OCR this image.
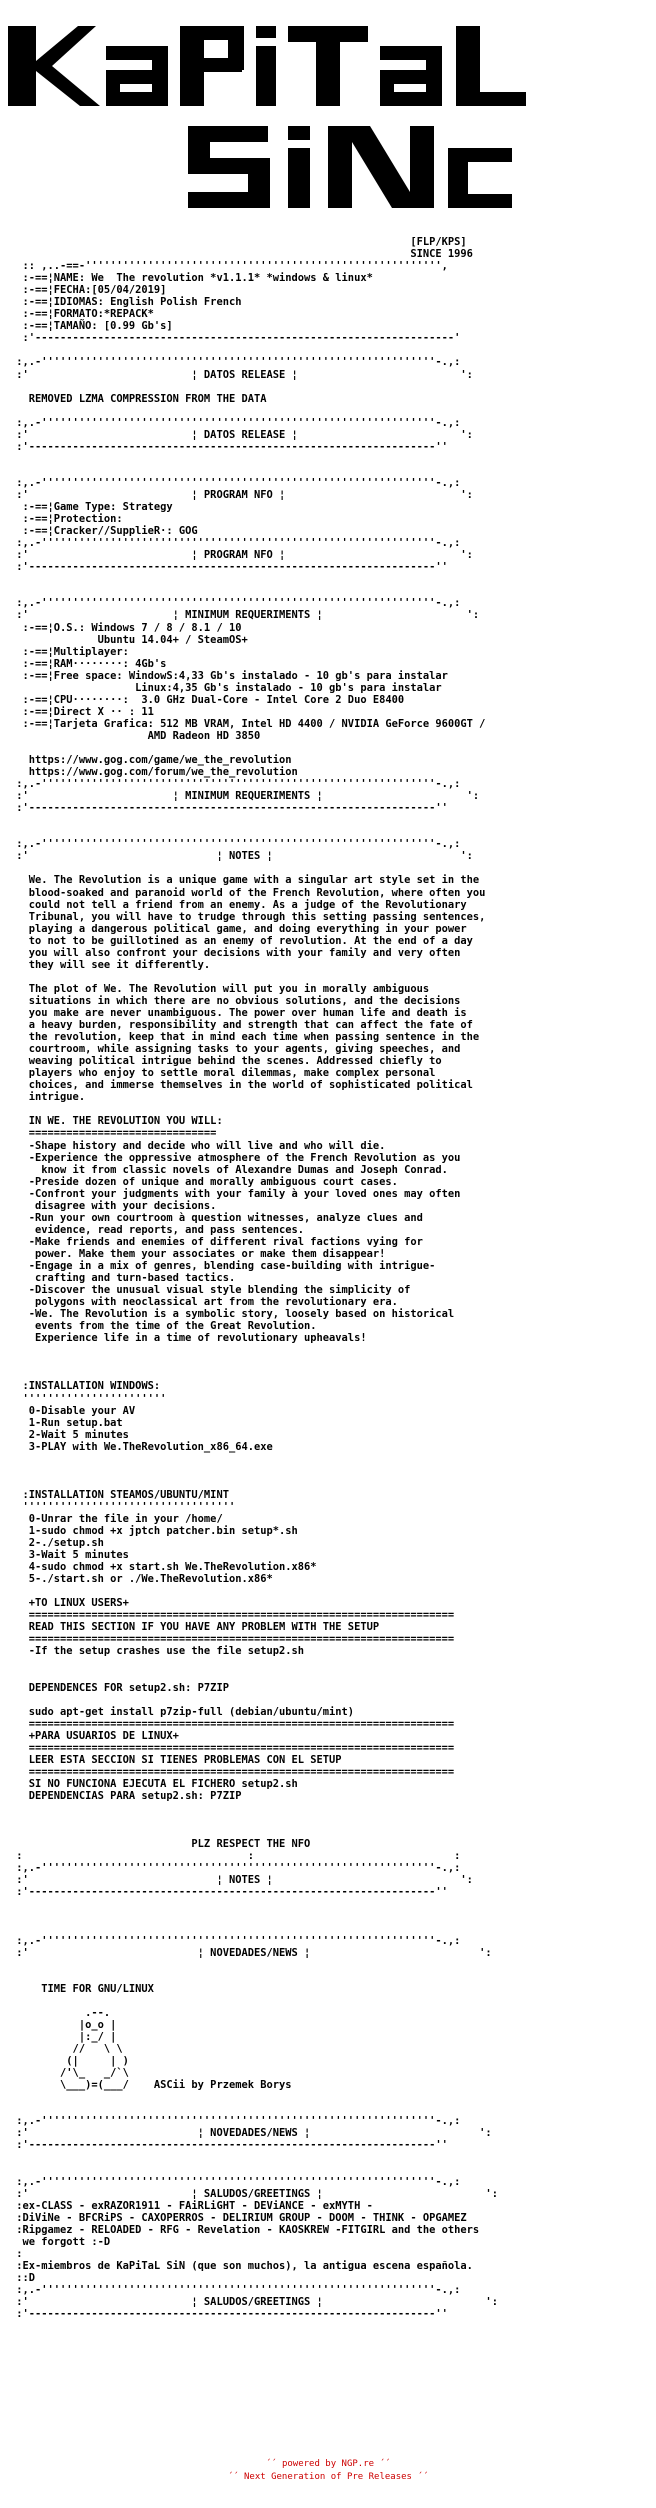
[FLP/KPS]
SINCE 1996
:: ,..-==-''''''''''''''''''''''''''''''''''''''''''''''''''''''''',
:-==¦NAME: We  The revolution *v1.1.1* *windows & linux*
:-==¦FECHA:[05/04/2019]
:-==¦IDIOMAS: English Polish French
:-==¦FORMATO:*REPACK*
:-==¦TAMAÑO: [0.99 Gb's]
:'-------------------------------------------------------------------'

:,.-'''''''''''''''''''''''''''''''''''''''''''''''''''''''''''''''-.,:
:'                          ¦ DATOS RELEASE ¦                          ':

REMOVED LZMA COMPRESSION FROM THE DATA

:,.-'''''''''''''''''''''''''''''''''''''''''''''''''''''''''''''''-.,:
:'                          ¦ DATOS RELEASE ¦                          ':
:'-----------------------------------------------------------------''

:,.-'''''''''''''''''''''''''''''''''''''''''''''''''''''''''''''''-.,:
:'                          ¦ PROGRAM NFO ¦                            ':
:-==¦Game Type: Strategy
:-==¦Protection:
:-==¦Cracker//SupplieR·: GOG
:,.-'''''''''''''''''''''''''''''''''''''''''''''''''''''''''''''''-.,:
:'                          ¦ PROGRAM NFO ¦                            ':
:'-----------------------------------------------------------------''

:,.-'''''''''''''''''''''''''''''''''''''''''''''''''''''''''''''''-.,:
:'                       ¦ MINIMUM REQUERIMENTS ¦                       ':
:-==¦O.S.: Windows 7 / 8 / 8.1 / 10
Ubuntu 14.04+ / SteamOS+
:-==¦Multiplayer:
:-==¦RAM········: 4Gb's
:-==¦Free space: WindowS:4,33 Gb's instalado - 10 gb's para instalar
Linux:4,35 Gb's instalado - 10 gb's para instalar
:-==¦CPU········:  3.0 GHz Dual-Core - Intel Core 2 Duo E8400
:-==¦Direct X ·· : 11
:-==¦Tarjeta Grafica: 512 MB VRAM, Intel HD 4400 / NVIDIA GeForce 9600GT /
AMD Radeon HD 3850

https://www.gog.com/game/we_the_revolution
https://www.gog.com/forum/we_the_revolution
:,.-'''''''''''''''''''''''''''''''''''''''''''''''''''''''''''''''-.,:
:'                       ¦ MINIMUM REQUERIMENTS ¦                       ':
:'-----------------------------------------------------------------''

:,.-'''''''''''''''''''''''''''''''''''''''''''''''''''''''''''''''-.,:
:'                              ¦ NOTES ¦                              ':

We. The Revolution is a unique game with a singular art style set in the
blood-soaked and paranoid world of the French Revolution, where often you
could not tell a friend from an enemy. As a judge of the Revolutionary
Tribunal, you will have to trudge through this setting passing sentences,
playing a dangerous political game, and doing everything in your power
to not to be guillotined as an enemy of revolution. At the end of a day
you will also confront your decisions with your family and very often
they will see it differently.

The plot of We. The Revolution will put you in morally ambiguous
situations in which there are no obvious solutions, and the decisions
you make are never unambiguous. The power over human life and death is
a heavy burden, responsibility and strength that can affect the fate of
the revolution, keep that in mind each time when passing sentence in the
courtroom, while assigning tasks to your agents, giving speeches, and
weaving political intrigue behind the scenes. Addressed chiefly to
players who enjoy to settle moral dilemmas, make complex personal
choices, and immerse themselves in the world of sophisticated political
intrigue.

IN WE. THE REVOLUTION YOU WILL:
==============================
-Shape history and decide who will live and who will die.
-Experience the oppressive atmosphere of the French Revolution as you
know it from classic novels of Alexandre Dumas and Joseph Conrad.
-Preside dozen of unique and morally ambiguous court cases.
-Confront your judgments with your family à your loved ones may often
disagree with your decisions.
-Run your own courtroom à question witnesses, analyze clues and
evidence, read reports, and pass sentences.
-Make friends and enemies of different rival factions vying for
power. Make them your associates or make them disappear!
-Engage in a mix of genres, blending case-building with intrigue-
crafting and turn-based tactics.
-Discover the unusual visual style blending the simplicity of
polygons with neoclassical art from the revolutionary era.
-We. The Revolution is a symbolic story, loosely based on historical
events from the time of the Great Revolution.
Experience life in a time of revolutionary upheavals!

:INSTALLATION WINDOWS:
'''''''''''''''''''''''
0-Disable your AV
1-Run setup.bat
2-Wait 5 minutes
3-PLAY with We.TheRevolution_x86_64.exe

:INSTALLATION STEAMOS/UBUNTU/MINT
''''''''''''''''''''''''''''''''''
0-Unrar the file in your /home/
1-sudo chmod +x jptch patcher.bin setup*.sh
2-./setup.sh
3-Wait 5 minutes
4-sudo chmod +x start.sh We.TheRevolution.x86*
5-./start.sh or ./We.TheRevolution.x86*

+TO LINUX USERS+
====================================================================
READ THIS SECTION IF YOU HAVE ANY PROBLEM WITH THE SETUP
====================================================================
-If the setup crashes use the file setup2.sh

DEPENDENCES FOR setup2.sh: P7ZIP

sudo apt-get install p7zip-full (debian/ubuntu/mint)
====================================================================
+PARA USUARIOS DE LINUX+
====================================================================
LEER ESTA SECCION SI TIENES PROBLEMAS CON EL SETUP
====================================================================
SI NO FUNCIONA EJECUTA EL FICHERO setup2.sh
DEPENDENCIAS PARA setup2.sh: P7ZIP

PLZ RESPECT THE NFO
:                                    :                                :
:,.-'''''''''''''''''''''''''''''''''''''''''''''''''''''''''''''''-.,:
:'                              ¦ NOTES ¦                              ':
:'-----------------------------------------------------------------''

:,.-'''''''''''''''''''''''''''''''''''''''''''''''''''''''''''''''-.,:
:'                           ¦ NOVEDADES/NEWS ¦                           ':

TIME FOR GNU/LINUX

.--.
|o_o |
|:_/ |
//   \ \
(|     | )
/'\_   _/`\
\___)=(___/    ASCii by Przemek Borys

:,.-'''''''''''''''''''''''''''''''''''''''''''''''''''''''''''''''-.,:
:'                           ¦ NOVEDADES/NEWS ¦                           ':
:'-----------------------------------------------------------------''

:,.-'''''''''''''''''''''''''''''''''''''''''''''''''''''''''''''''-.,:
:'                          ¦ SALUDOS/GREETINGS ¦                          ':
:ex-CLASS - exRAZOR1911 - FAiRLiGHT - DEViANCE - exMYTH -
:DiViNe - BFCRiPS - CAXOPERROS - DELIRIUM GROUP - DOOM - THINK - OPGAMEZ
:Ripgamez - RELOADED - RFG - Revelation - KAOSKREW -FITGIRL and the others
we forgott :-D
:
:Ex-miembros de KaPiTaL SiN (que son muchos), la antigua escena española.
::D
:,.-'''''''''''''''''''''''''''''''''''''''''''''''''''''''''''''''-.,:
:'                          ¦ SALUDOS/GREETINGS ¦                          ':
:'-----------------------------------------------------------------''
´´ powered by NGP.re ´´
´´ Next Generation of Pre Releases ´´
